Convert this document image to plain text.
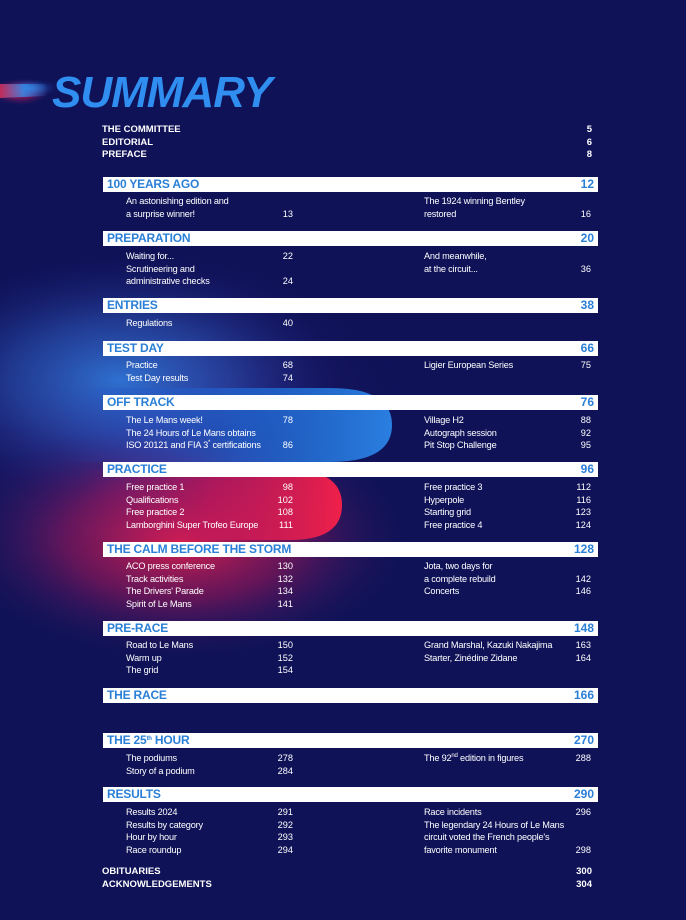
SUMMARY
THE COMMITTEE	5
EDITORIAL	6
PREFACE	8
100 YEARS AGO	12
An astonishing edition and
a surprise winner!	13
The 1924 winning Bentley
restored	16
PREPARATION	20
Waiting for...	22
Scrutineering and
administrative checks	24
And meanwhile,
at the circuit...	36
ENTRIES	38
Regulations	40
TEST DAY	66
Practice	68
Test Day results	74
Ligier European Series	75
OFF TRACK	76
The Le Mans week!	78
The 24 Hours of Le Mans obtains
ISO 20121 and FIA 3* certifications	86
Village H2	88
Autograph session	92
Pit Stop Challenge	95
PRACTICE	96
Free practice 1	98
Qualifications	102
Free practice 2	108
Lamborghini Super Trofeo Europe	111
Free practice 3	112
Hyperpole	116
Starting grid	123
Free practice 4	124
THE CALM BEFORE THE STORM	128
ACO press conference	130
Track activities	132
The Drivers' Parade	134
Spirit of Le Mans	141
Jota, two days for
a complete rebuild	142
Concerts	146
PRE-RACE	148
Road to Le Mans	150
Warm up	152
The grid	154
Grand Marshal, Kazuki Nakajima	163
Starter, Zinédine Zidane	164
THE RACE	166
THE 25th HOUR	270
The podiums	278
Story of a podium	284
The 92nd edition in figures	288
RESULTS	290
Results 2024	291
Results by category	292
Hour by hour	293
Race roundup	294
Race incidents	296
The legendary 24 Hours of Le Mans
circuit voted the French people's
favorite monument	298
OBITUARIES	300
ACKNOWLEDGEMENTS	304
